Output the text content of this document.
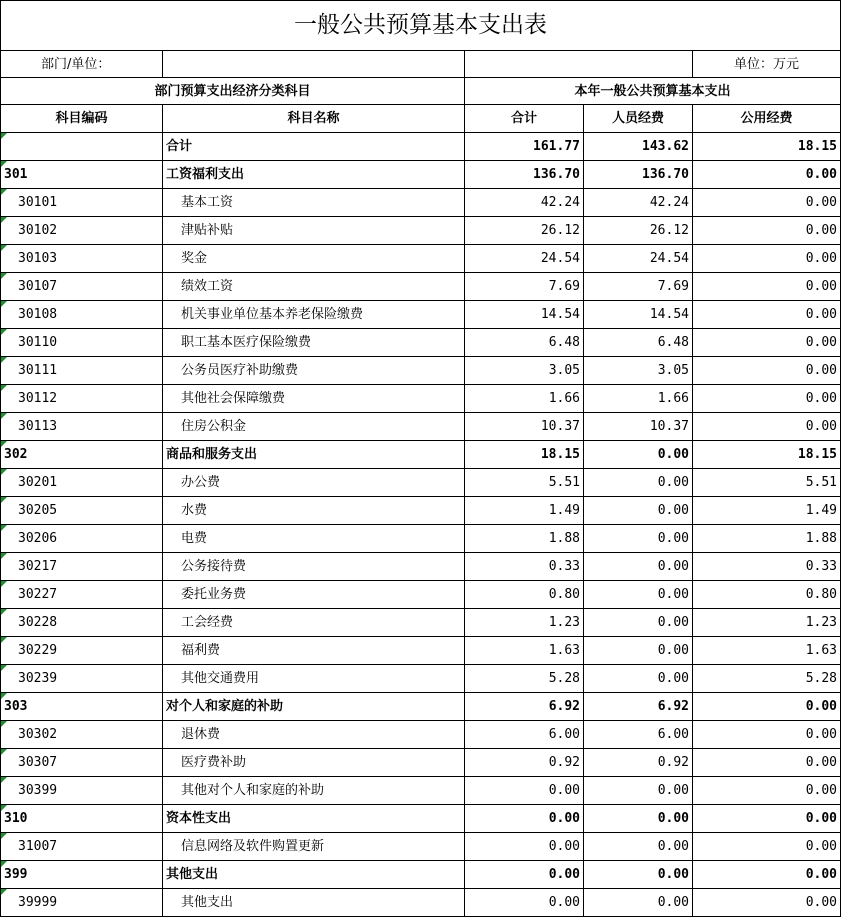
一般公共预算基本支出表				
部门/单位：				单位：万元
部门预算支出经济分类科目		本年一般公共预算基本支出		
科目编码	科目名称	合计	人员经费	公用经费
	合计	161.77	143.62	18.15
301	工资福利支出	136.70	136.70	0.00
30101	基本工资	42.24	42.24	0.00
30102	津贴补贴	26.12	26.12	0.00
30103	奖金	24.54	24.54	0.00
30107	绩效工资	7.69	7.69	0.00
30108	机关事业单位基本养老保险缴费	14.54	14.54	0.00
30110	职工基本医疗保险缴费	6.48	6.48	0.00
30111	公务员医疗补助缴费	3.05	3.05	0.00
30112	其他社会保障缴费	1.66	1.66	0.00
30113	住房公积金	10.37	10.37	0.00
302	商品和服务支出	18.15	0.00	18.15
30201	办公费	5.51	0.00	5.51
30205	水费	1.49	0.00	1.49
30206	电费	1.88	0.00	1.88
30217	公务接待费	0.33	0.00	0.33
30227	委托业务费	0.80	0.00	0.80
30228	工会经费	1.23	0.00	1.23
30229	福利费	1.63	0.00	1.63
30239	其他交通费用	5.28	0.00	5.28
303	对个人和家庭的补助	6.92	6.92	0.00
30302	退休费	6.00	6.00	0.00
30307	医疗费补助	0.92	0.92	0.00
30399	其他对个人和家庭的补助	0.00	0.00	0.00
310	资本性支出	0.00	0.00	0.00
31007	信息网络及软件购置更新	0.00	0.00	0.00
399	其他支出	0.00	0.00	0.00
39999	其他支出	0.00	0.00	0.00
